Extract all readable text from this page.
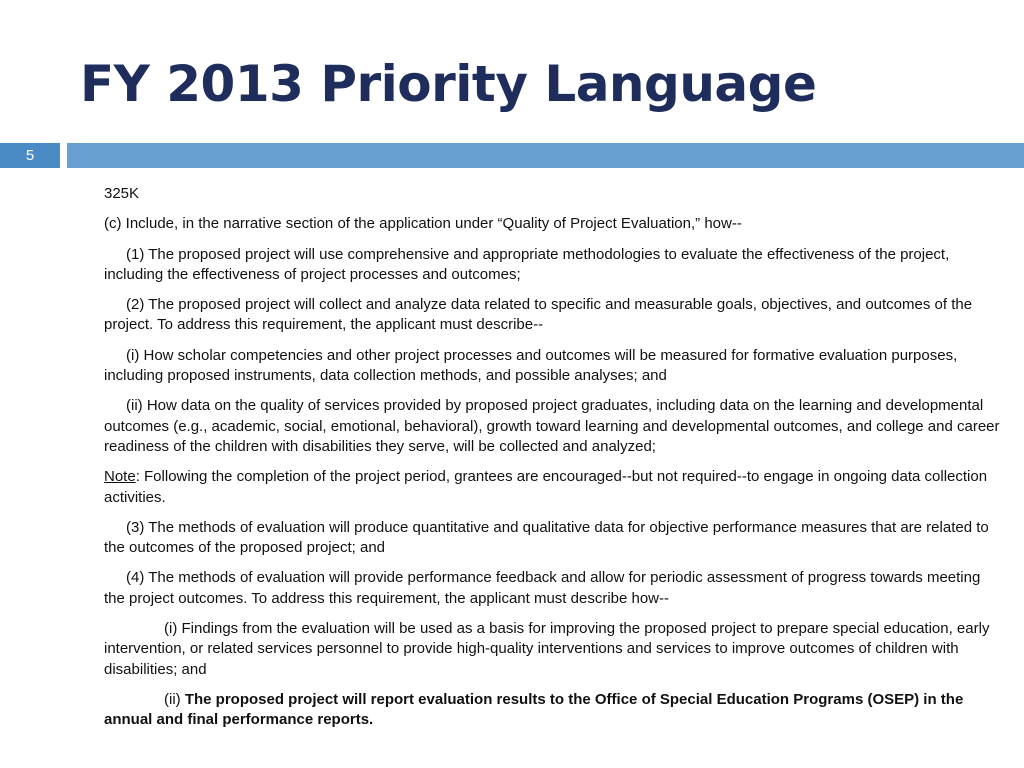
FY 2013 Priority Language
5

325K

(c) Include, in the narrative section of the application under “Quality of Project Evaluation,” how--

(1) The proposed project will use comprehensive and appropriate methodologies to evaluate the effectiveness of the project, including the effectiveness of project processes and outcomes;

(2) The proposed project will collect and analyze data related to specific and measurable goals, objectives, and outcomes of the project. To address this requirement, the applicant must describe--

(i) How scholar competencies and other project processes and outcomes will be measured for formative evaluation purposes, including proposed instruments, data collection methods, and possible analyses; and

(ii) How data on the quality of services provided by proposed project graduates, including data on the learning and developmental outcomes (e.g., academic, social, emotional, behavioral), growth toward learning and developmental outcomes, and college and career readiness of the children with disabilities they serve, will be collected and analyzed;

Note: Following the completion of the project period, grantees are encouraged--but not required--to engage in ongoing data collection activities.

(3) The methods of evaluation will produce quantitative and qualitative data for objective performance measures that are related to the outcomes of the proposed project; and

(4) The methods of evaluation will provide performance feedback and allow for periodic assessment of progress towards meeting the project outcomes. To address this requirement, the applicant must describe how--

(i) Findings from the evaluation will be used as a basis for improving the proposed project to prepare special education, early intervention, or related services personnel to provide high-quality interventions and services to improve outcomes of children with disabilities; and

(ii) The proposed project will report evaluation results to the Office of Special Education Programs (OSEP) in the annual and final performance reports.
